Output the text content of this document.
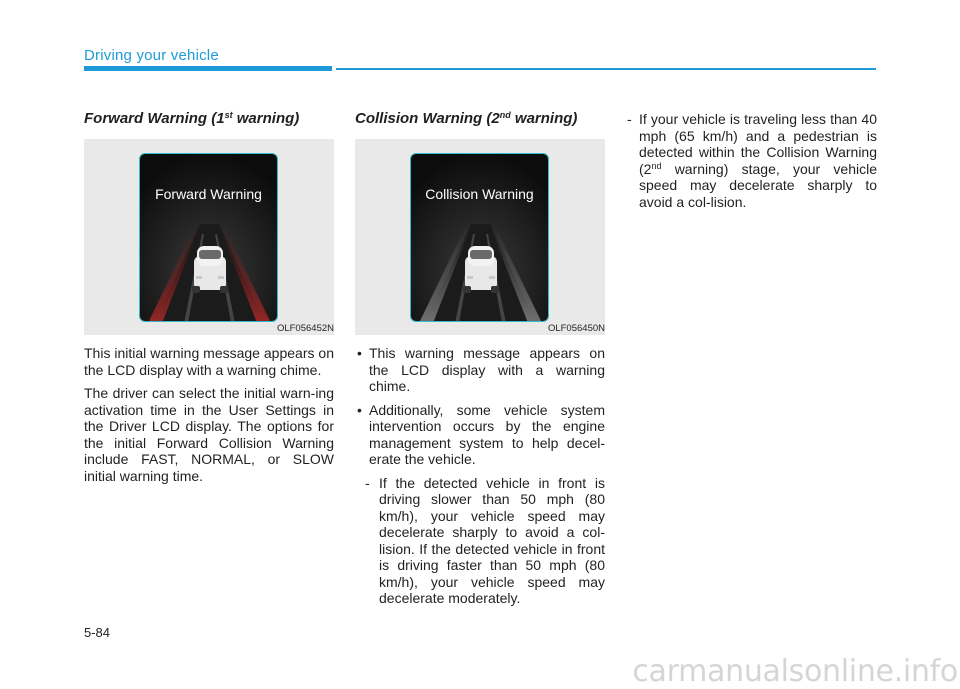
Driving your vehicle
Forward Warning (1st warning)
Forward Warning
OLF056452N

This initial warning message appears on the LCD display with a warning chime.

The driver can select the initial warn-ing activation time in the User Settings in the Driver LCD display. The options for the initial Forward Collision Warning include FAST, NORMAL, or SLOW initial warning time.

Collision Warning (2nd warning)
Collision Warning
OLF056450N
• This warning message appears on the LCD display with a warning chime.
• Additionally, some vehicle system intervention occurs by the engine management system to help decel-erate the vehicle.
- If the detected vehicle in front is driving slower than 50 mph (80 km/h), your vehicle speed may decelerate sharply to avoid a col-lision. If the detected vehicle in front is driving faster than 50 mph (80 km/h), your vehicle speed may decelerate moderately.
- If your vehicle is traveling less than 40 mph (65 km/h) and a pedestrian is detected within the Collision Warning (2nd warning) stage, your vehicle speed may decelerate sharply to avoid a col-lision.
5-84
carmanualsonline.info
